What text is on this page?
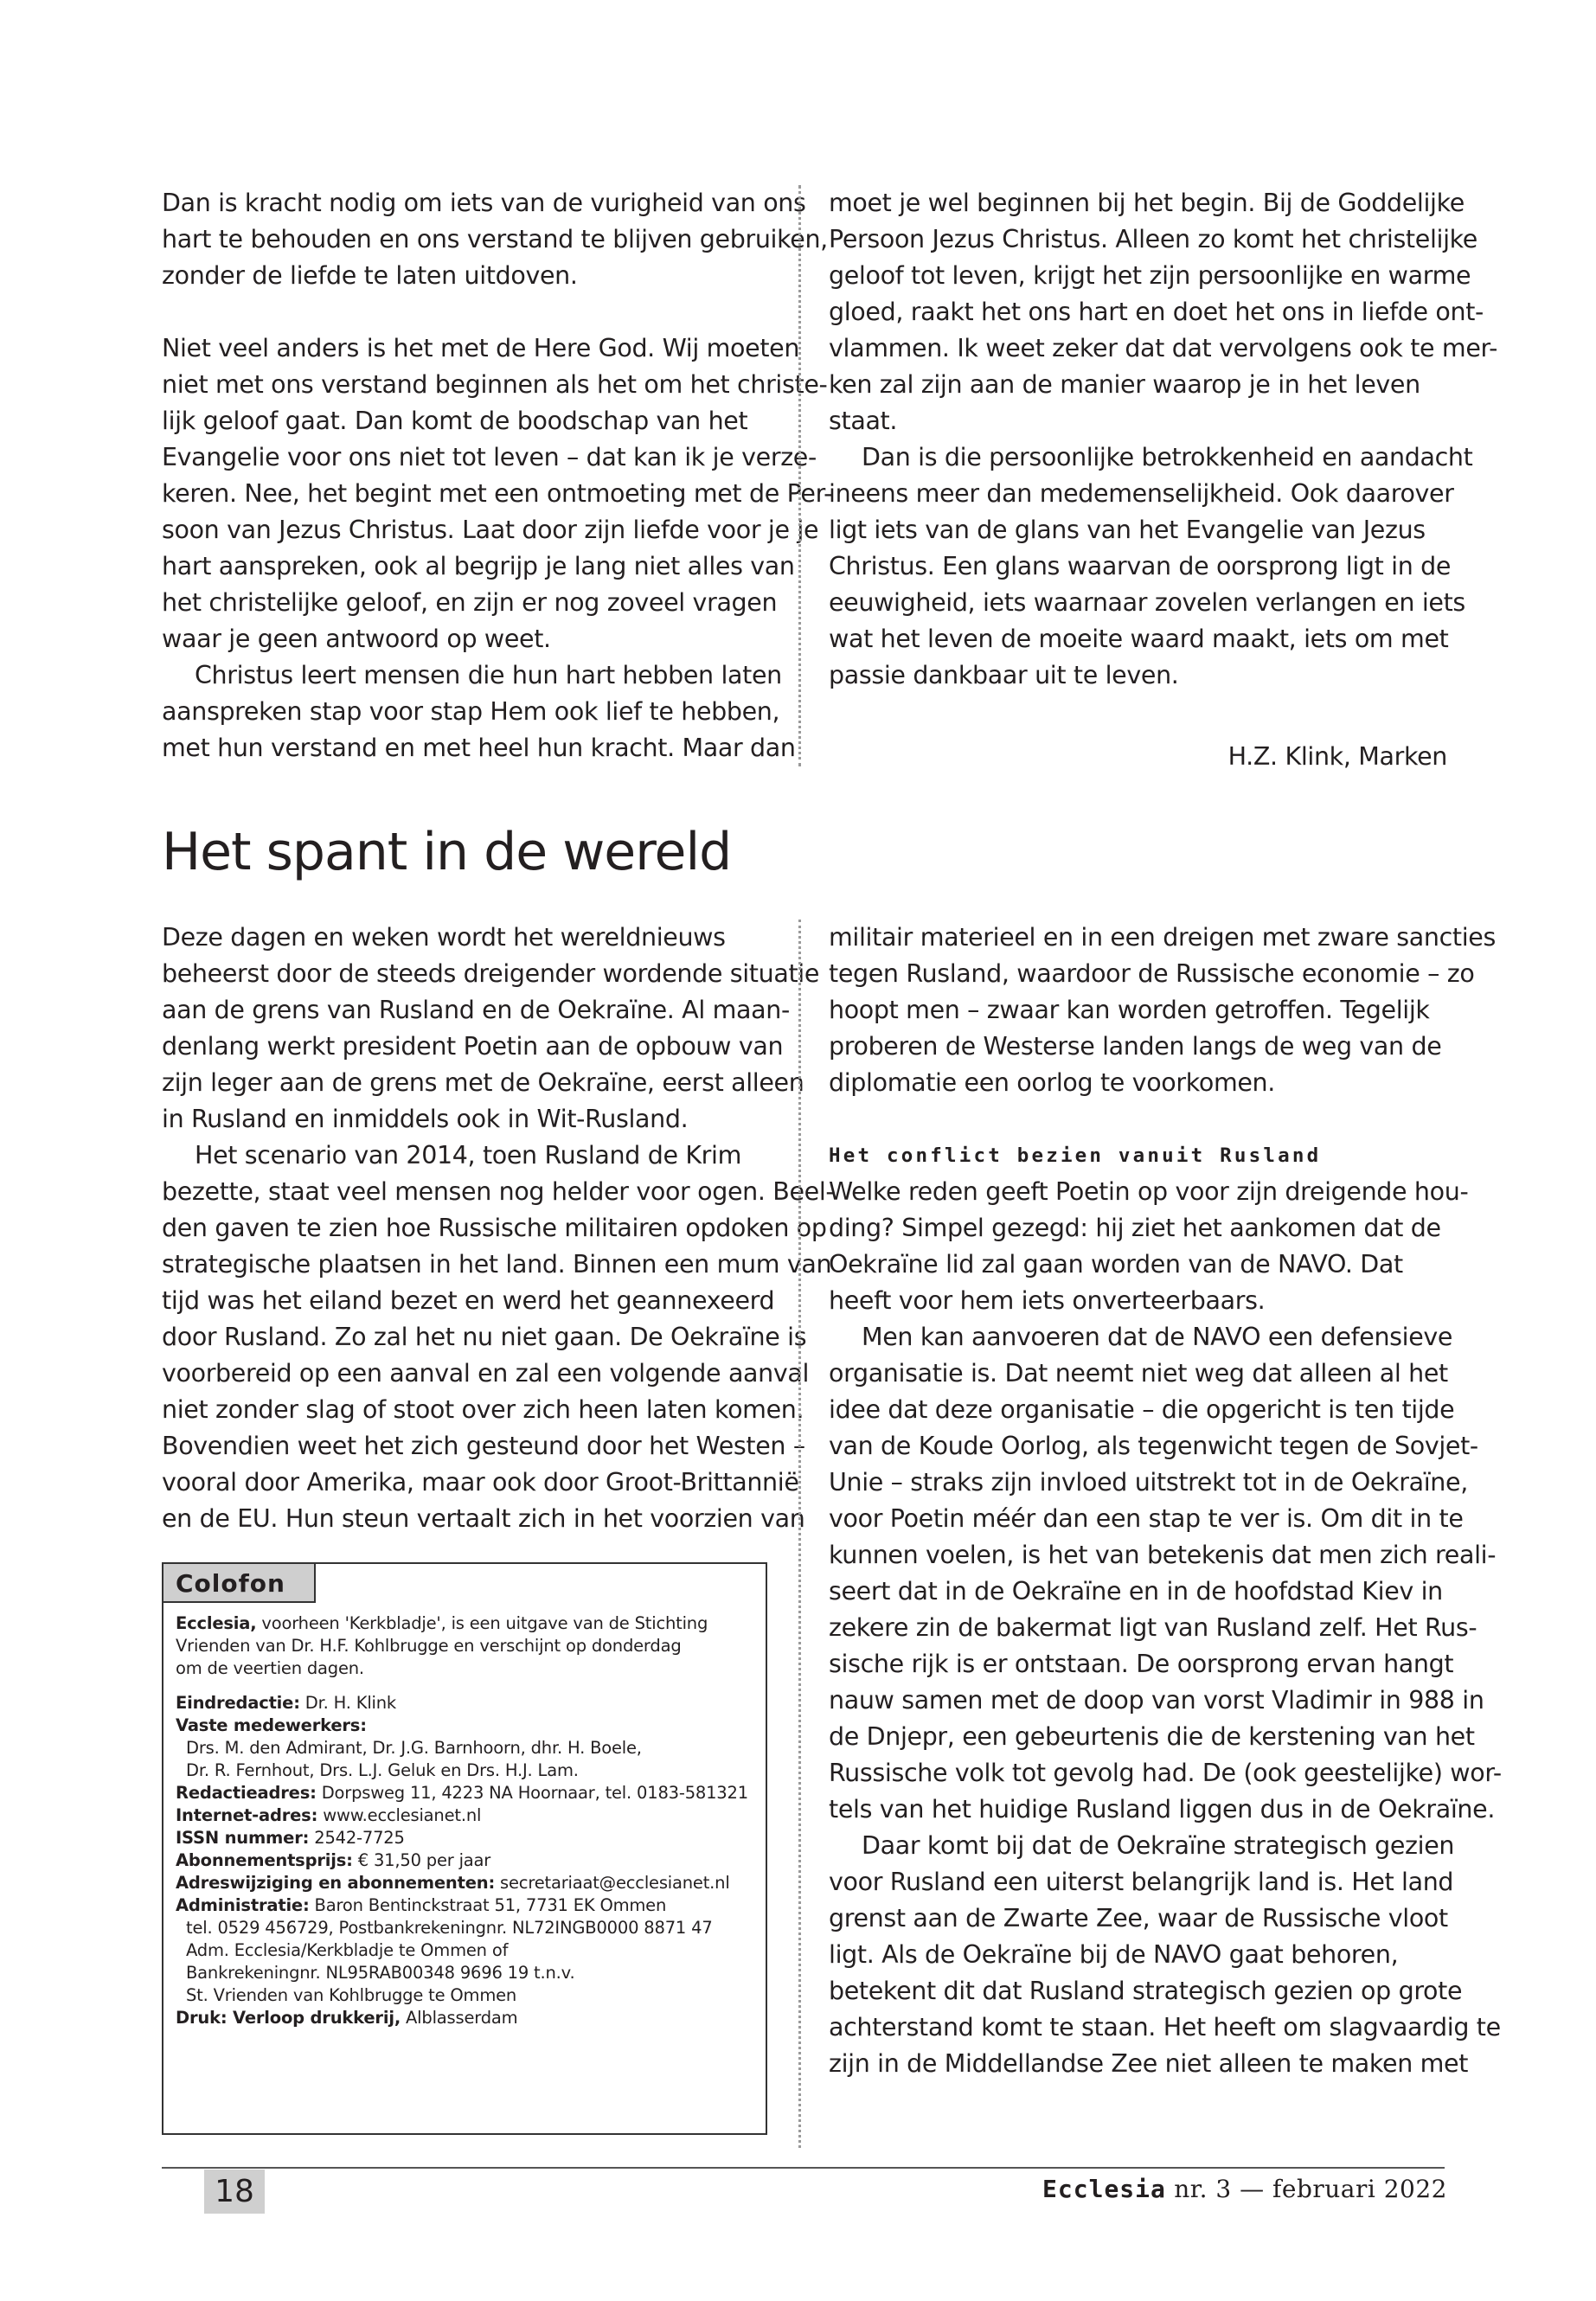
Dan is kracht nodig om iets van de vurigheid van ons

hart te behouden en ons verstand te blijven gebruiken,

zonder de liefde te laten uitdoven.

Niet veel anders is het met de Here God. Wij moeten

niet met ons verstand beginnen als het om het christe-

lijk geloof gaat. Dan komt de boodschap van het

Evangelie voor ons niet tot leven – dat kan ik je verze-

keren. Nee, het begint met een ontmoeting met de Per-

soon van Jezus Christus. Laat door zijn liefde voor je je

hart aanspreken, ook al begrijp je lang niet alles van

het christelijke geloof, en zijn er nog zoveel vragen

waar je geen antwoord op weet.

Christus leert mensen die hun hart hebben laten

aanspreken stap voor stap Hem ook lief te hebben,

met hun verstand en met heel hun kracht. Maar dan

moet je wel beginnen bij het begin. Bij de Goddelijke

Persoon Jezus Christus. Alleen zo komt het christelijke

geloof tot leven, krijgt het zijn persoonlijke en warme

gloed, raakt het ons hart en doet het ons in liefde ont-

vlammen. Ik weet zeker dat dat vervolgens ook te mer-

ken zal zijn aan de manier waarop je in het leven

staat.

Dan is die persoonlijke betrokkenheid en aandacht

ineens meer dan medemenselijkheid. Ook daarover

ligt iets van de glans van het Evangelie van Jezus

Christus. Een glans waarvan de oorsprong ligt in de

eeuwigheid, iets waarnaar zovelen verlangen en iets

wat het leven de moeite waard maakt, iets om met

passie dankbaar uit te leven.

H.Z. Klink, Marken
Het spant in de wereld

Deze dagen en weken wordt het wereldnieuws

beheerst door de steeds dreigender wordende situatie

aan de grens van Rusland en de Oekraïne. Al maan-

denlang werkt president Poetin aan de opbouw van

zijn leger aan de grens met de Oekraïne, eerst alleen

in Rusland en inmiddels ook in Wit-Rusland.

Het scenario van 2014, toen Rusland de Krim

bezette, staat veel mensen nog helder voor ogen. Beel-

den gaven te zien hoe Russische militairen opdoken op

strategische plaatsen in het land. Binnen een mum van

tijd was het eiland bezet en werd het geannexeerd

door Rusland. Zo zal het nu niet gaan. De Oekraïne is

voorbereid op een aanval en zal een volgende aanval

niet zonder slag of stoot over zich heen laten komen.

Bovendien weet het zich gesteund door het Westen –

vooral door Amerika, maar ook door Groot-Brittannië

en de EU. Hun steun vertaalt zich in het voorzien van

militair materieel en in een dreigen met zware sancties

tegen Rusland, waardoor de Russische economie – zo

hoopt men – zwaar kan worden getroffen. Tegelijk

proberen de Westerse landen langs de weg van de

diplomatie een oorlog te voorkomen.

Het conflict bezien vanuit Rusland

Welke reden geeft Poetin op voor zijn dreigende hou-

ding? Simpel gezegd: hij ziet het aankomen dat de

Oekraïne lid zal gaan worden van de NAVO. Dat

heeft voor hem iets onverteerbaars.

Men kan aanvoeren dat de NAVO een defensieve

organisatie is. Dat neemt niet weg dat alleen al het

idee dat deze organisatie – die opgericht is ten tijde

van de Koude Oorlog, als tegenwicht tegen de Sovjet-

Unie – straks zijn invloed uitstrekt tot in de Oekraïne,

voor Poetin méér dan een stap te ver is. Om dit in te

kunnen voelen, is het van betekenis dat men zich reali-

seert dat in de Oekraïne en in de hoofdstad Kiev in

zekere zin de bakermat ligt van Rusland zelf. Het Rus-

sische rijk is er ontstaan. De oorsprong ervan hangt

nauw samen met de doop van vorst Vladimir in 988 in

de Dnjepr, een gebeurtenis die de kerstening van het

Russische volk tot gevolg had. De (ook geestelijke) wor-

tels van het huidige Rusland liggen dus in de Oekraïne.

Daar komt bij dat de Oekraïne strategisch gezien

voor Rusland een uiterst belangrijk land is. Het land

grenst aan de Zwarte Zee, waar de Russische vloot

ligt. Als de Oekraïne bij de NAVO gaat behoren,

betekent dit dat Rusland strategisch gezien op grote

achterstand komt te staan. Het heeft om slagvaardig te

zijn in de Middellandse Zee niet alleen te maken met

Colofon

Ecclesia, voorheen 'Kerkbladje', is een uitgave van de Stichting

Vrienden van Dr. H.F. Kohlbrugge en verschijnt op donderdag

om de veertien dagen.

Eindredactie: Dr. H. Klink

Vaste medewerkers:

Drs. M. den Admirant, Dr. J.G. Barnhoorn, dhr. H. Boele,

Dr. R. Fernhout, Drs. L.J. Geluk en Drs. H.J. Lam.

Redactieadres: Dorpsweg 11, 4223 NA Hoornaar, tel. 0183-581321

Internet-adres: www.ecclesianet.nl

ISSN nummer: 2542-7725

Abonnementsprijs: € 31,50 per jaar

Adreswijziging en abonnementen: secretariaat@ecclesianet.nl

Administratie: Baron Bentinckstraat 51, 7731 EK Ommen

tel. 0529 456729, Postbankrekeningnr. NL72INGB0000 8871 47

Adm. Ecclesia/Kerkbladje te Ommen of

Bankrekeningnr. NL95RAB00348 9696 19 t.n.v.

St. Vrienden van Kohlbrugge te Ommen

Druk: Verloop drukkerij, Alblasserdam

18	Ecclesia nr. 3 — februari 2022
